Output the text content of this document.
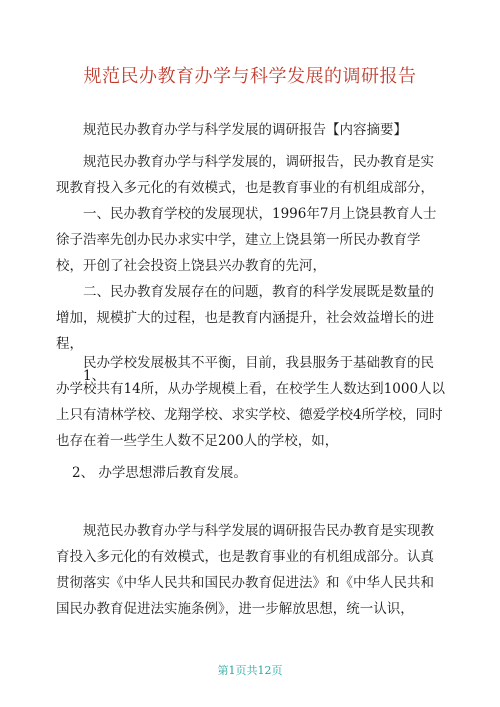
规范民办教育办学与科学发展的调研报告

规范民办教育办学与科学发展的调研报告【内容摘要】

规范民办教育办学与科学发展的，调研报告，民办教育是实现教育投入多元化的有效模式，也是教育事业的有机组成部分，

一、民办教育学校的发展现状，1996年7月上饶县教育人士徐子浩率先创办民办求实中学，建立上饶县第一所民办教育学校，开创了社会投资上饶县兴办教育的先河，

二、民办教育发展存在的问题，教育的科学发展既是数量的增加，规模扩大的过程，也是教育内涵提升，社会效益增长的进程，

1、

民办学校发展极其不平衡，目前，我县服务于基础教育的民办学校共有14所，从办学规模上看，在校学生人数达到1000人以上只有清林学校、龙翔学校、求实学校、德爱学校4所学校，同时也存在着一些学生人数不足200人的学校，如，

2、 办学思想滞后教育发展。

规范民办教育办学与科学发展的调研报告民办教育是实现教育投入多元化的有效模式，也是教育事业的有机组成部分。认真贯彻落实《中华人民共和国民办教育促进法》和《中华人民共和国民办教育促进法实施条例》，进一步解放思想，统一认识，

第1页共12页
